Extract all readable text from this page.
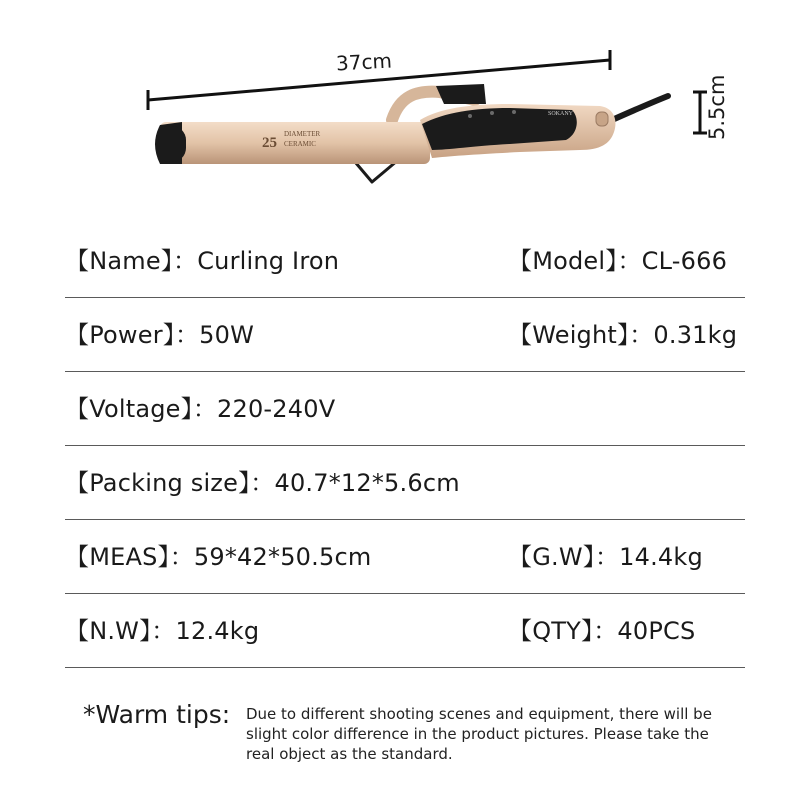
25
DIAMETER
CERAMIC
SOKANY
37cm
5.5cm
【Name】：Curling Iron	【Model】：CL-666
【Power】：50W	【Weight】：0.31kg
【Voltage】：220-240V
【Packing size】：40.7*12*5.6cm
【MEAS】：59*42*50.5cm	【G.W】：14.4kg
【N.W】：12.4kg	【QTY】：40PCS
*Warm tips: Due to different shooting scenes and equipment, there will be slight color difference in the product pictures. Please take the real object as the standard.
